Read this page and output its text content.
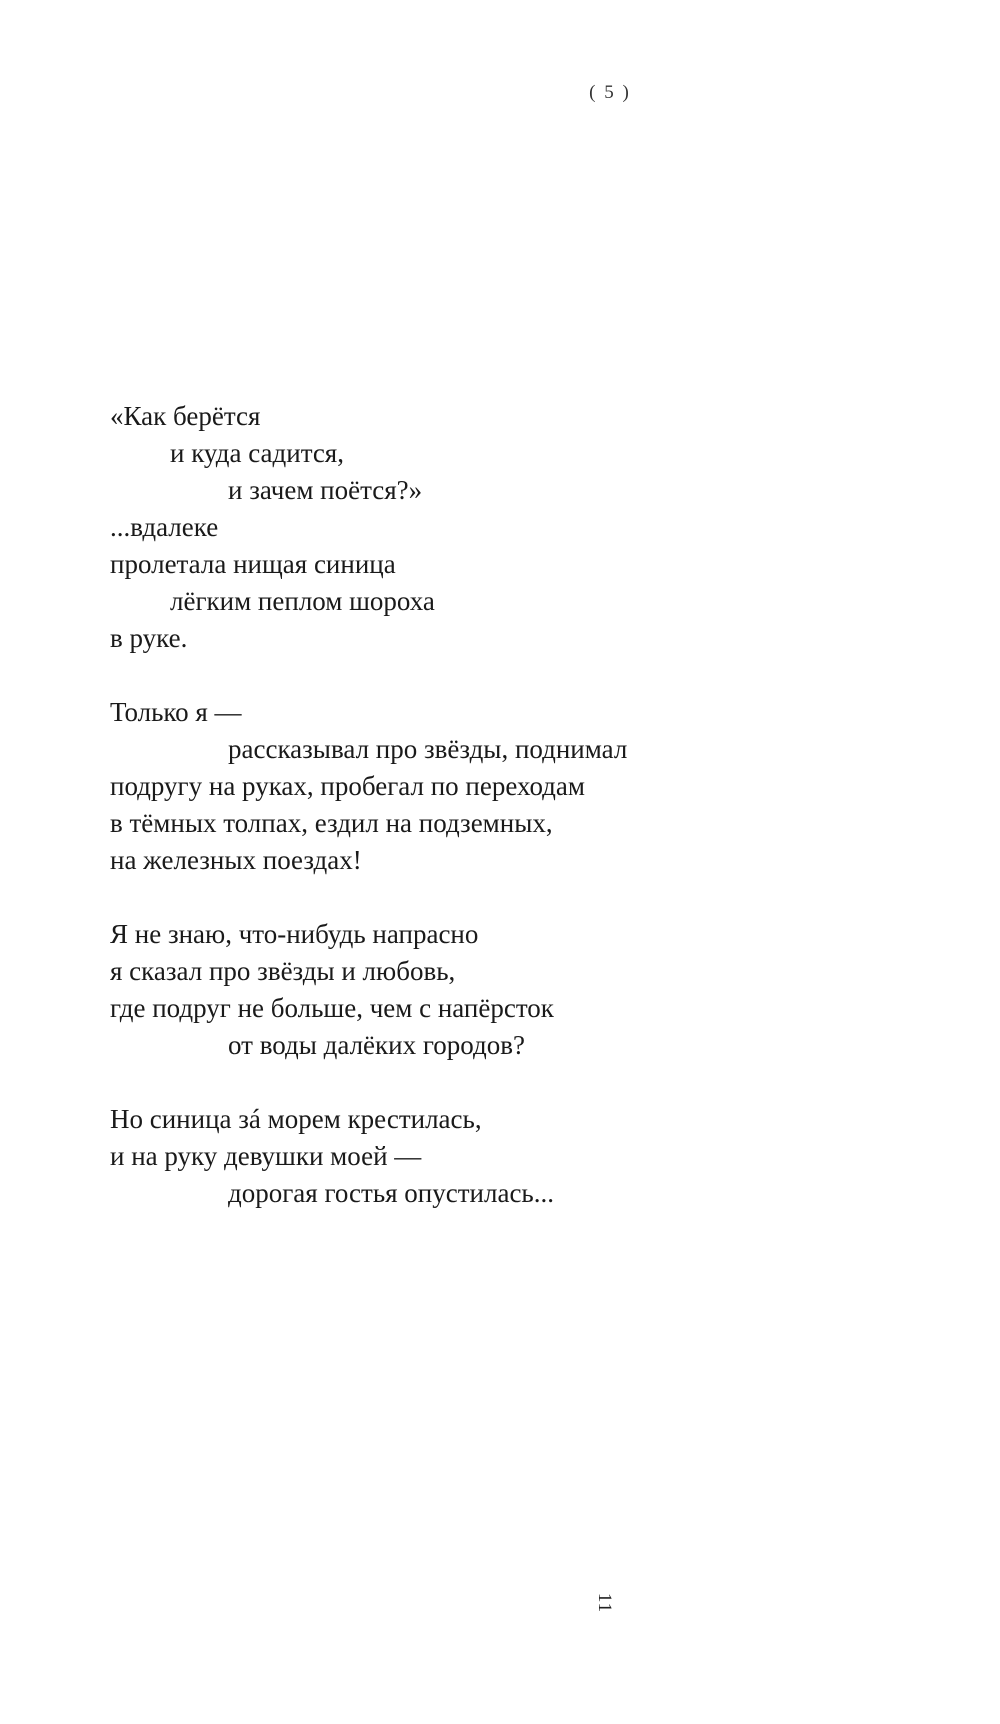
( 5 )
«Как берётся
и куда садится,
и зачем поётся?»
...вдалеке
пролетала нищая синица
лёгким пеплом шороха
в руке.
Только я —
рассказывал про звёзды, поднимал
подругу на руках, пробегал по переходам
в тёмных толпах, ездил на подземных,
на железных поездах!
Я не знаю, что-нибудь напрасно
я сказал про звёзды и любовь,
где подруг не больше, чем с напёрсток
от воды далёких городов?
Но синица зá морем крестилась,
и на руку девушки моей —
дорогая гостья опустилась...
11
